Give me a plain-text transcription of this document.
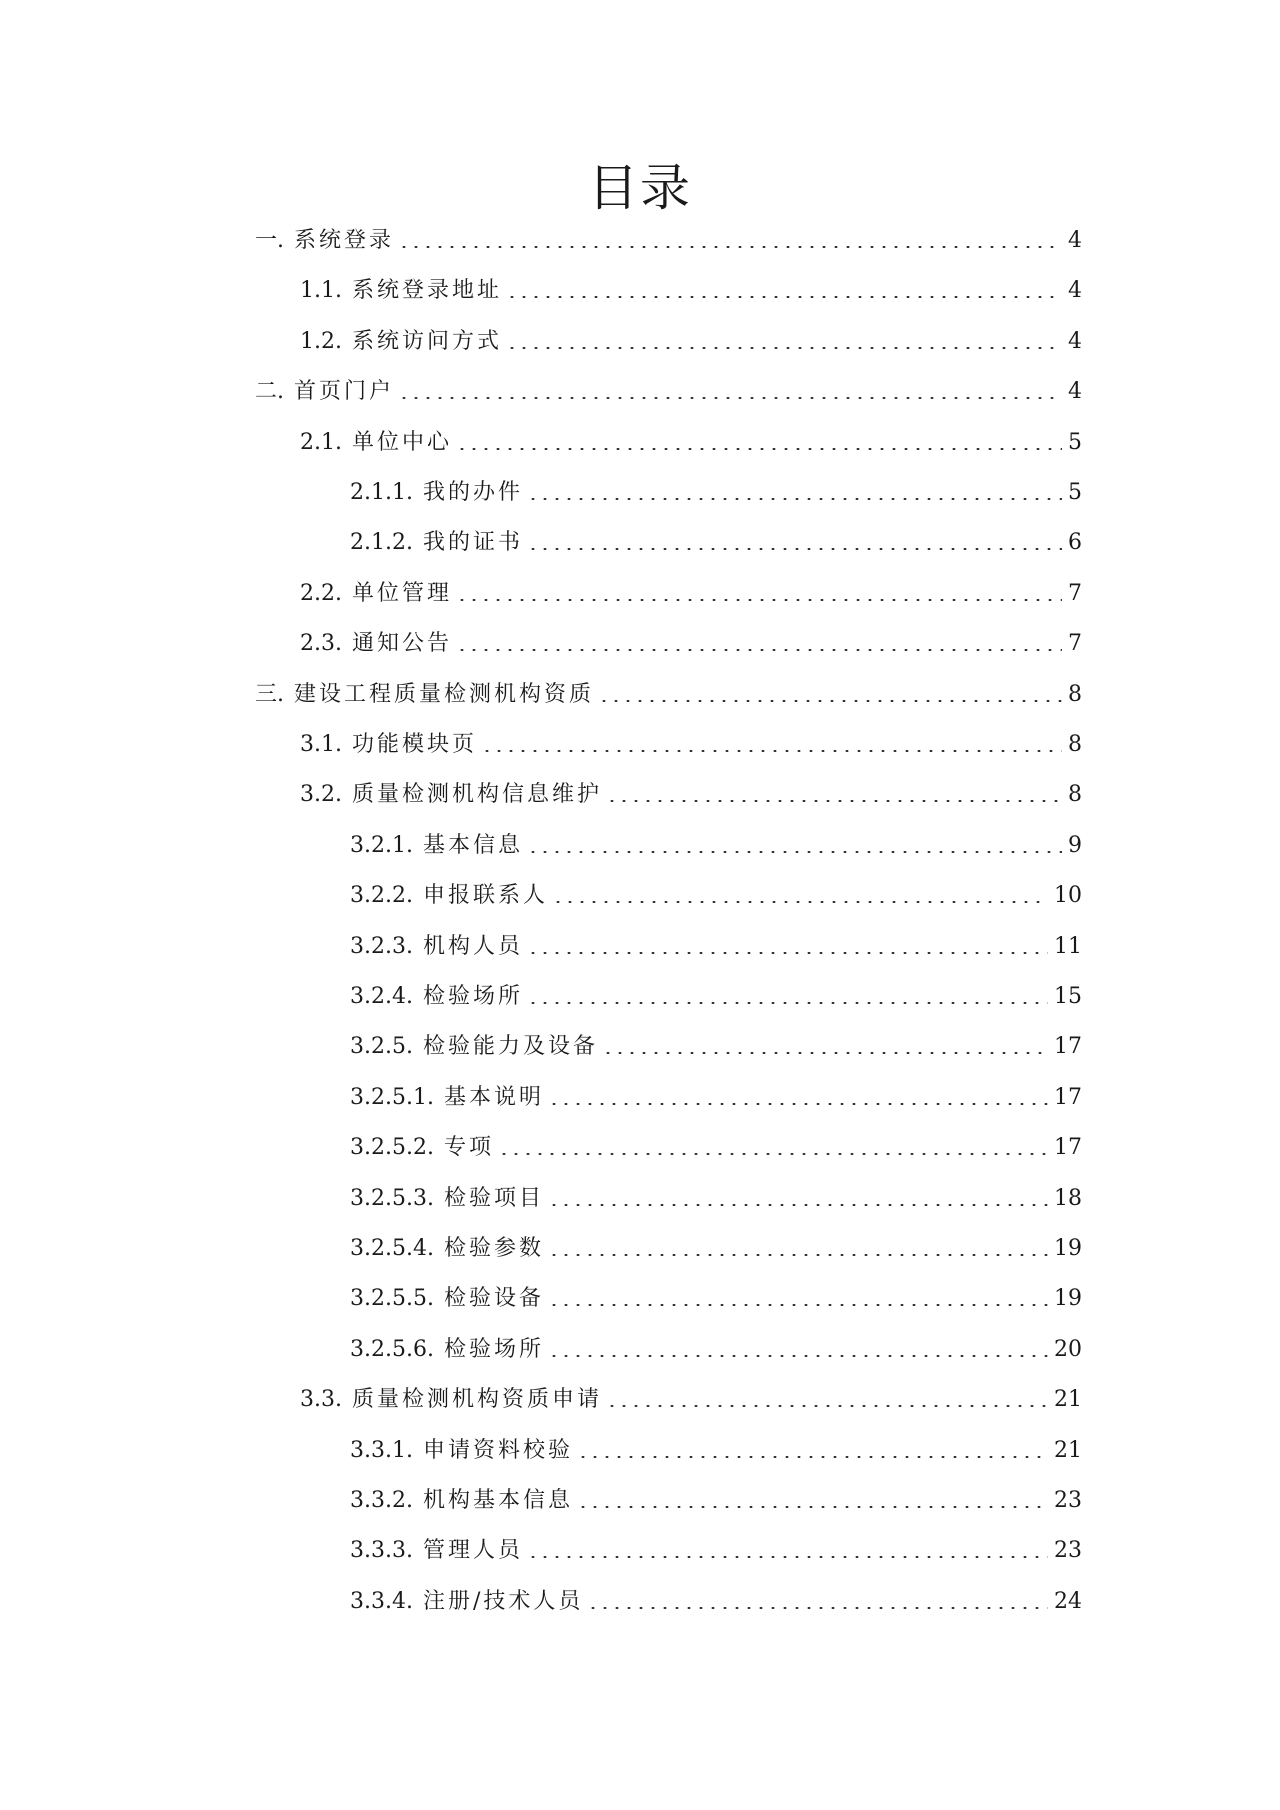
目录
一. 系统登录	4
1.1. 系统登录地址	4
1.2. 系统访问方式	4
二. 首页门户	4
2.1. 单位中心	5
2.1.1. 我的办件	5
2.1.2. 我的证书	6
2.2. 单位管理	7
2.3. 通知公告	7
三. 建设工程质量检测机构资质	8
3.1. 功能模块页	8
3.2. 质量检测机构信息维护	8
3.2.1. 基本信息	9
3.2.2. 申报联系人	10
3.2.3. 机构人员	11
3.2.4. 检验场所	15
3.2.5. 检验能力及设备	17
3.2.5.1. 基本说明	17
3.2.5.2. 专项	17
3.2.5.3. 检验项目	18
3.2.5.4. 检验参数	19
3.2.5.5. 检验设备	19
3.2.5.6. 检验场所	20
3.3. 质量检测机构资质申请	21
3.3.1. 申请资料校验	21
3.3.2. 机构基本信息	23
3.3.3. 管理人员	23
3.3.4. 注册/技术人员	24
